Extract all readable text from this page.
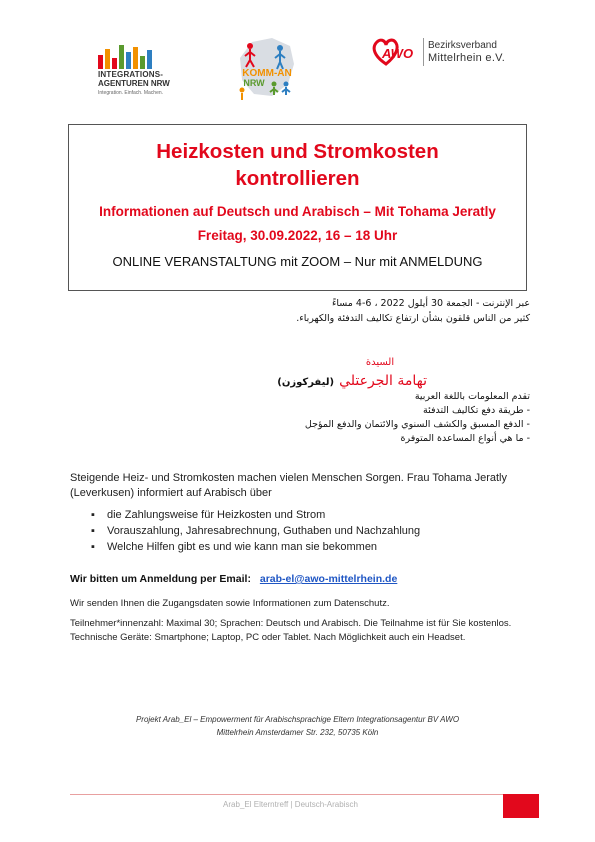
INTEGRATIONS-
AGENTUREN NRW
Integration. Einfach. Machen.
KOMM-AN
NRW
AWO
Bezirksverband
Mittelrhein e.V.
Heizkosten und Stromkosten
kontrollieren
Informationen auf Deutsch und Arabisch – Mit Tohama Jeratly
Freitag, 30.09.2022, 16 – 18 Uhr
ONLINE VERANSTALTUNG mit ZOOM – Nur mit ANMELDUNG
عبر الإنترنت - الجمعة 30 أيلول 2022 ، 6-4 مساءً
كثير من الناس قلقون بشأن ارتفاع تكاليف التدفئة والكهرباء.
السيدة
تهامة الجرعتلي (ليفركوزن)
تقدم المعلومات باللغة العربية
- طريقة دفع تكاليف التدفئة
- الدفع المسبق والكشف السنوي والائتمان والدفع المؤجل
- ما هي أنواع المساعدة المتوفرة
Steigende Heiz- und Stromkosten machen vielen Menschen Sorgen. Frau Tohama Jeratly (Leverkusen) informiert auf Arabisch über
▪ die Zahlungsweise für Heizkosten und Strom
▪ Vorauszahlung, Jahresabrechnung, Guthaben und Nachzahlung
▪ Welche Hilfen gibt es und wie kann man sie bekommen
Wir bitten um Anmeldung per Email: arab-el@awo-mittelrhein.de
Wir senden Ihnen die Zugangsdaten sowie Informationen zum Datenschutz.
Teilnehmer*innenzahl: Maximal 30; Sprachen: Deutsch und Arabisch. Die Teilnahme ist für Sie kostenlos. Technische Geräte: Smartphone; Laptop, PC oder Tablet. Nach Möglichkeit auch ein Headset.
Projekt Arab_El – Empowerment für Arabischsprachige Eltern Integrationsagentur BV AWO
Mittelrhein Amsterdamer Str. 232, 50735 Köln
Arab_El Elterntreff | Deutsch-Arabisch
